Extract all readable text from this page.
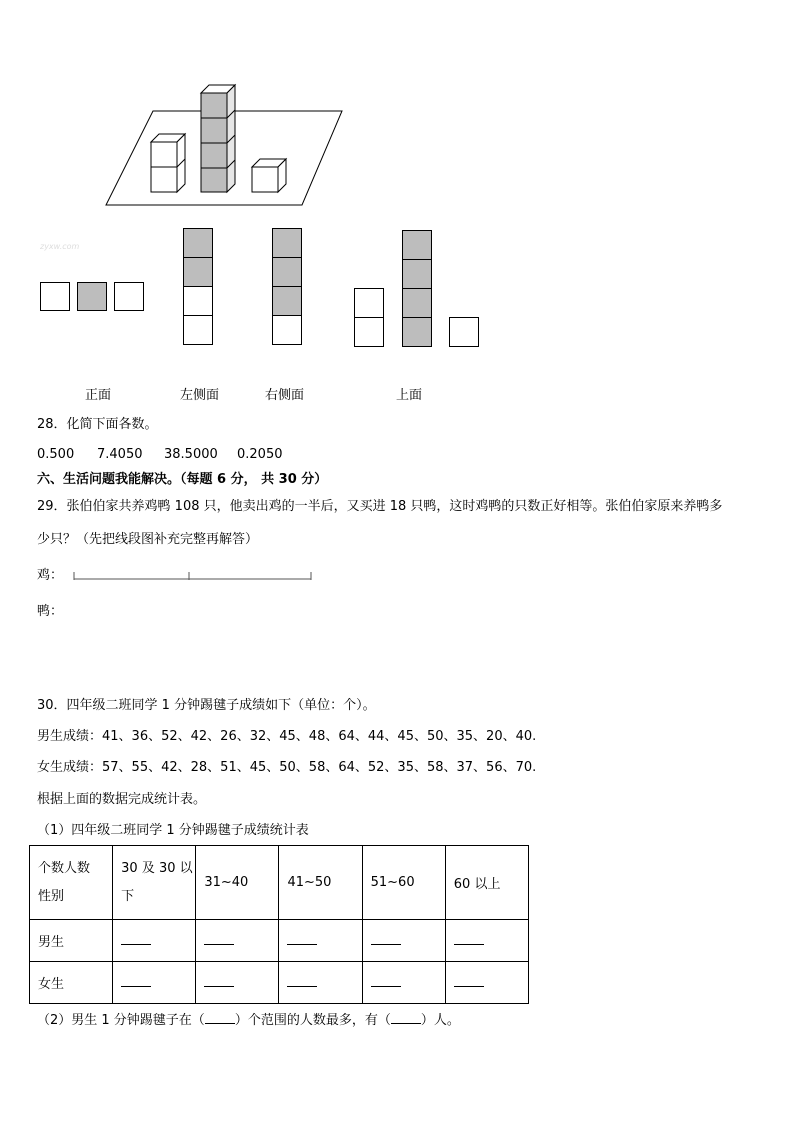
zyxw.com
正面	左侧面	右侧面	上面
28．化简下面各数。
0.500 7.4050 38.5000 0.2050
六、生活问题我能解决。（每题 6 分， 共 30 分）
29．张伯伯家共养鸡鸭 108 只，他卖出鸡的一半后，又买进 18 只鸭，这时鸡鸭的只数正好相等。张伯伯家原来养鸭多
少只？（先把线段图补充完整再解答）
鸡：
鸭：
30．四年级二班同学 1 分钟踢毽子成绩如下（单位：个）。
男生成绩：41、36、52、42、26、32、45、48、64、44、45、50、35、20、40.
女生成绩：57、55、42、28、51、45、50、58、64、52、35、58、37、56、70.
根据上面的数据完成统计表。
（1）四年级二班同学 1 分钟踢毽子成绩统计表
个数人数
性别	30 及 30 以下	31~40	41~50	51~60	60 以上
男生					
女生					
（2）男生 1 分钟踢毽子在（ ）个范围的人数最多，有（ ）人。
